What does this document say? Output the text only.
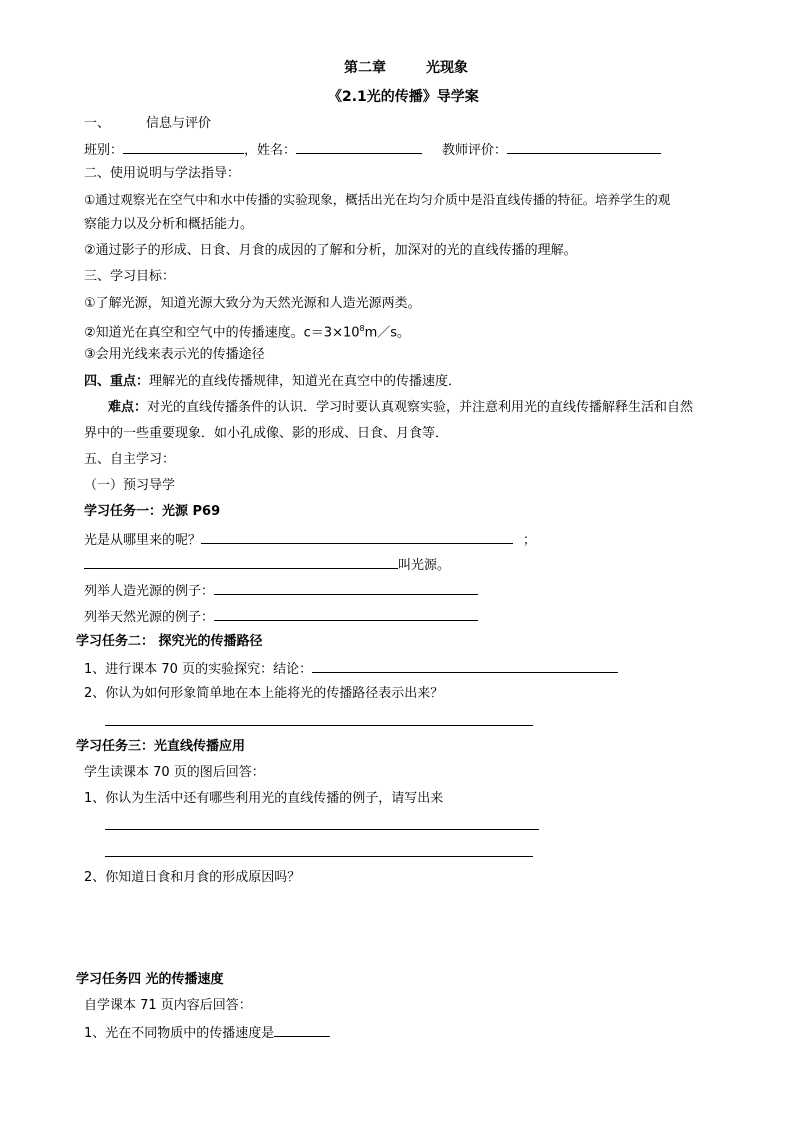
第二章	光现象
《2.1光的传播》导学案
一、	信息与评价
班别：	，姓名：	教师评价：
二、使用说明与学法指导：
①通过观察光在空气中和水中传播的实验现象，概括出光在均匀介质中是沿直线传播的特征。培养学生的观
察能力以及分析和概括能力。
②通过影子的形成、日食、月食的成因的了解和分析，加深对的光的直线传播的理解。
三、学习目标：
①了解光源，知道光源大致分为天然光源和人造光源两类。
②知道光在真空和空气中的传播速度。$c=3\times 10^8m/s$。
③会用光线来表示光的传播途径
四、重点：理解光的直线传播规律，知道光在真空中的传播速度．
难点：对光的直线传播条件的认识．学习时要认真观察实验，并注意利用光的直线传播解释生活和自然
界中的一些重要现象．如小孔成像、影的形成、日食、月食等．
五、自主学习：
（一）预习导学
学习任务一：光源 P69
光是从哪里来的呢？	；
叫光源。
列举人造光源的例子：
列举天然光源的例子：
学习任务二： 探究光的传播路径
1、进行课本 70 页的实验探究：结论：
2、你认为如何形象简单地在本上能将光的传播路径表示出来？
学习任务三：光直线传播应用
学生读课本 70 页的图后回答：
1、你认为生活中还有哪些利用光的直线传播的例子，请写出来
2、你知道日食和月食的形成原因吗？
学习任务四 光的传播速度
自学课本 71 页内容后回答：
1、光在不同物质中的传播速度是
